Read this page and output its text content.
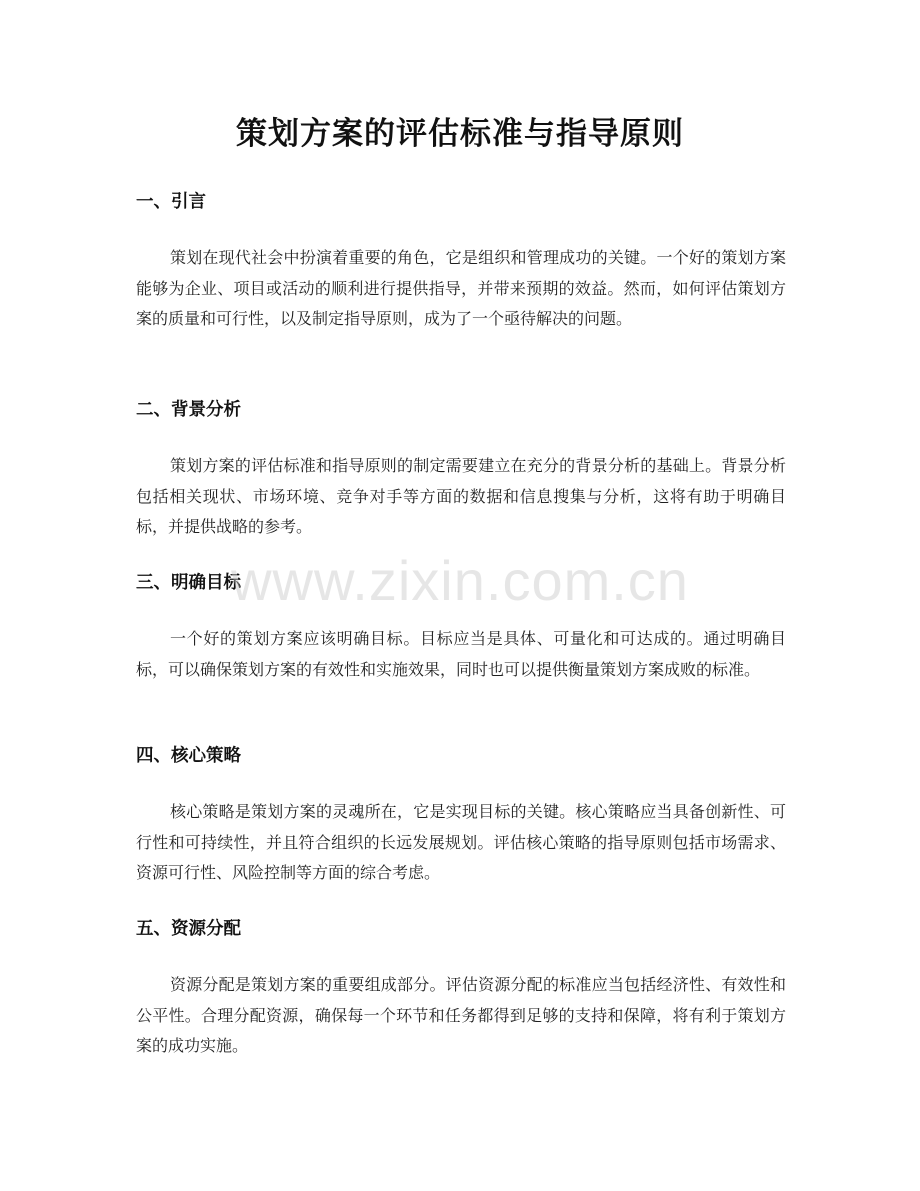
策划方案的评估标准与指导原则
一、引言
策划在现代社会中扮演着重要的角色，它是组织和管理成功的关键。一个好的策划方案能够为企业、项目或活动的顺利进行提供指导，并带来预期的效益。然而，如何评估策划方案的质量和可行性，以及制定指导原则，成为了一个亟待解决的问题。
二、背景分析
策划方案的评估标准和指导原则的制定需要建立在充分的背景分析的基础上。背景分析包括相关现状、市场环境、竞争对手等方面的数据和信息搜集与分析，这将有助于明确目标，并提供战略的参考。
三、明确目标
一个好的策划方案应该明确目标。目标应当是具体、可量化和可达成的。通过明确目标，可以确保策划方案的有效性和实施效果，同时也可以提供衡量策划方案成败的标准。
四、核心策略
核心策略是策划方案的灵魂所在，它是实现目标的关键。核心策略应当具备创新性、可行性和可持续性，并且符合组织的长远发展规划。评估核心策略的指导原则包括市场需求、资源可行性、风险控制等方面的综合考虑。
五、资源分配
资源分配是策划方案的重要组成部分。评估资源分配的标准应当包括经济性、有效性和公平性。合理分配资源，确保每一个环节和任务都得到足够的支持和保障，将有利于策划方案的成功实施。
www.zixin.com.cn
